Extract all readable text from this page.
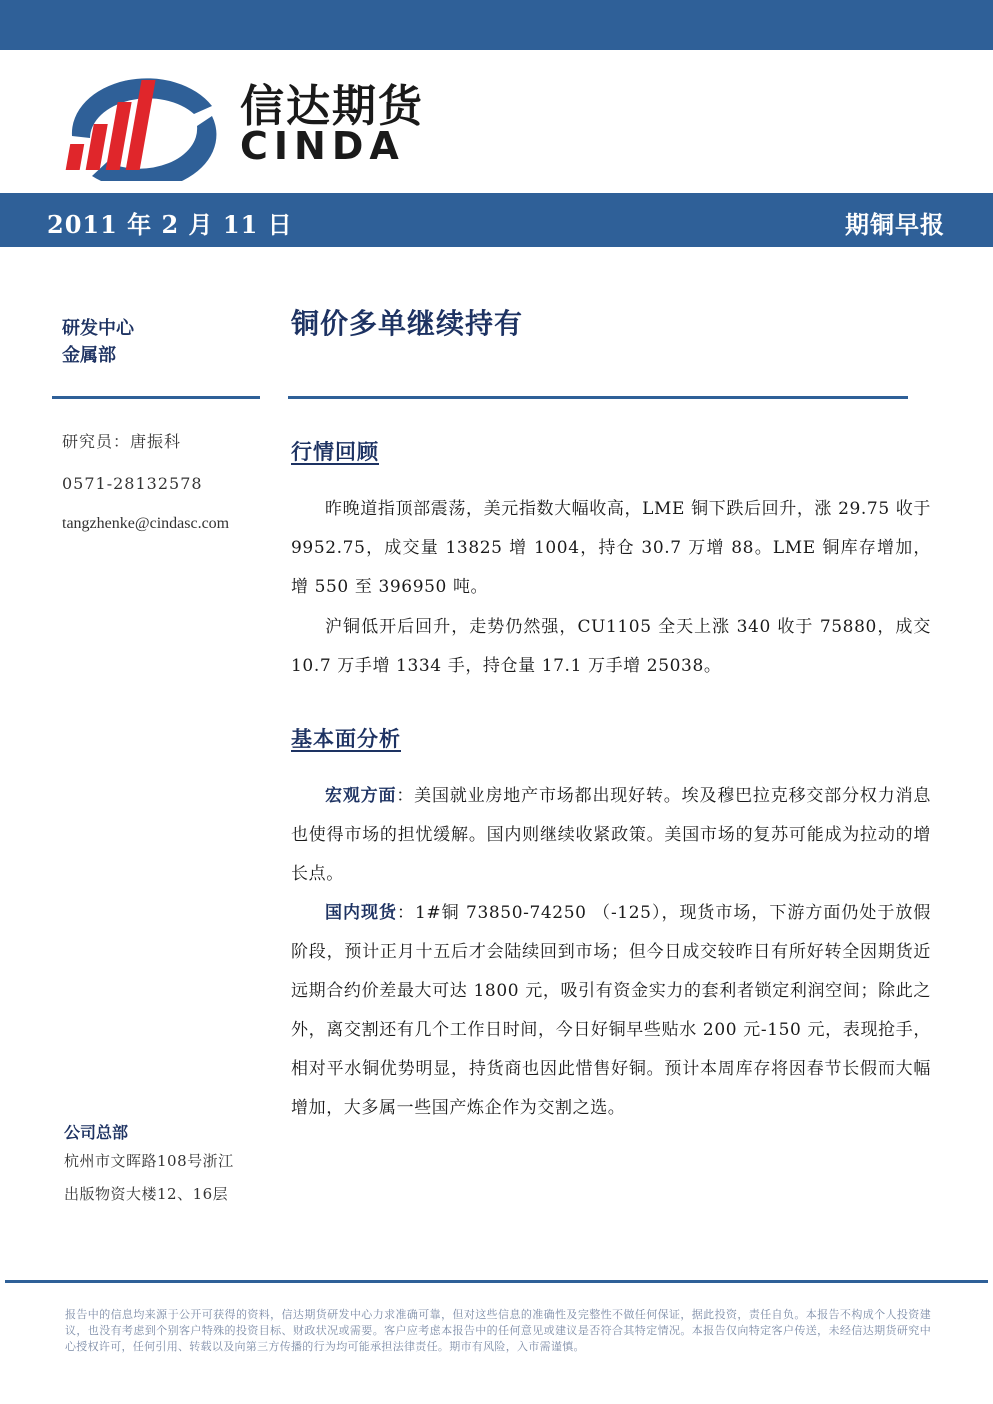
信达期货
CINDA
2011 年 2 月 11 日	期铜早报
研发中心
金属部
铜价多单继续持有
研究员：唐振科
0571-28132578
tangzhenke@cindasc.com
行情回顾
昨晚道指顶部震荡，美元指数大幅收高，LME 铜下跌后回升，涨 29.75 收于 9952.75，成交量 13825 增 1004，持仓 30.7 万增 88。LME 铜库存增加，增 550 至 396950 吨。
沪铜低开后回升，走势仍然强，CU1105 全天上涨 340 收于 75880，成交 10.7 万手增 1334 手，持仓量 17.1 万手增 25038。
基本面分析
宏观方面：美国就业房地产市场都出现好转。埃及穆巴拉克移交部分权力消息也使得市场的担忧缓解。国内则继续收紧政策。美国市场的复苏可能成为拉动的增长点。
国内现货：1#铜 73850-74250 （-125），现货市场，下游方面仍处于放假阶段，预计正月十五后才会陆续回到市场；但今日成交较昨日有所好转全因期货近远期合约价差最大可达 1800 元，吸引有资金实力的套利者锁定利润空间；除此之外，离交割还有几个工作日时间，今日好铜早些贴水 200 元-150 元，表现抢手，相对平水铜优势明显，持货商也因此惜售好铜。预计本周库存将因春节长假而大幅增加，大多属一些国产炼企作为交割之选。
公司总部
杭州市文晖路108号浙江
出版物资大楼12、16层
报告中的信息均来源于公开可获得的资料，信达期货研发中心力求准确可靠，但对这些信息的准确性及完整性不做任何保证，据此投资，责任自负。本报告不构成个人投资建议，也没有考虑到个别客户特殊的投资目标、财政状况或需要。客户应考虑本报告中的任何意见或建议是否符合其特定情况。本报告仅向特定客户传送，未经信达期货研究中心授权许可，任何引用、转载以及向第三方传播的行为均可能承担法律责任。期市有风险，入市需谨慎。
